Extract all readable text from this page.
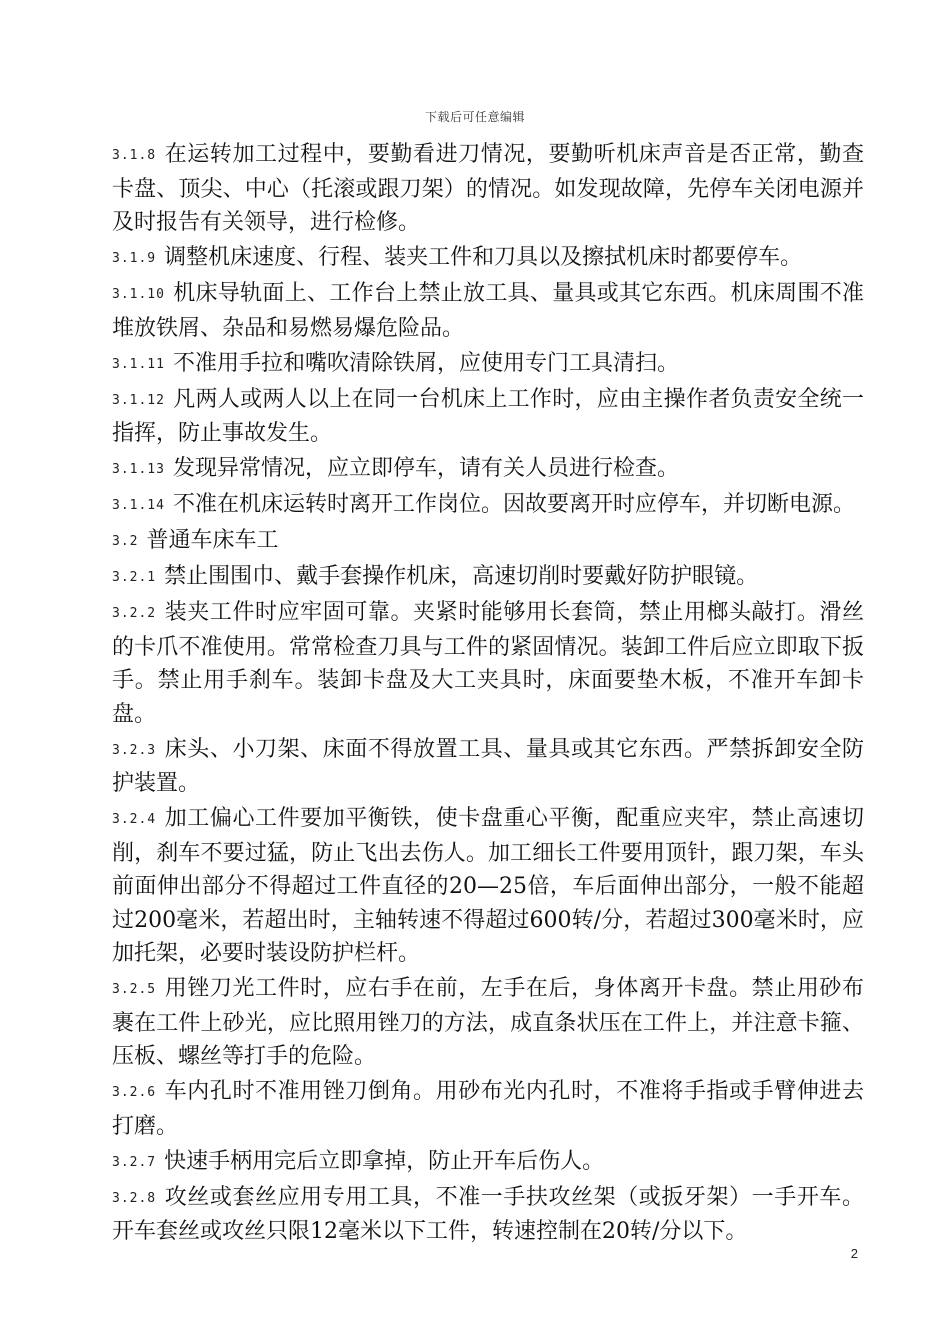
下载后可任意编辑

3.1.8 在运转加工过程中，要勤看进刀情况，要勤听机床声音是否正常，勤查卡盘、顶尖、中心（托滚或跟刀架）的情况。如发现故障，先停车关闭电源并及时报告有关领导，进行检修。

3.1.9 调整机床速度、行程、装夹工件和刀具以及擦拭机床时都要停车。

3.1.10 机床导轨面上、工作台上禁止放工具、量具或其它东西。机床周围不准堆放铁屑、杂品和易燃易爆危险品。

3.1.11 不准用手拉和嘴吹清除铁屑，应使用专门工具清扫。

3.1.12 凡两人或两人以上在同一台机床上工作时，应由主操作者负责安全统一指挥，防止事故发生。

3.1.13 发现异常情况，应立即停车，请有关人员进行检查。

3.1.14 不准在机床运转时离开工作岗位。因故要离开时应停车，并切断电源。

3.2 普通车床车工

3.2.1 禁止围围巾、戴手套操作机床，高速切削时要戴好防护眼镜。

3.2.2 装夹工件时应牢固可靠。夹紧时能够用长套筒，禁止用榔头敲打。滑丝的卡爪不准使用。常常检查刀具与工件的紧固情况。装卸工件后应立即取下扳手。禁止用手刹车。装卸卡盘及大工夹具时，床面要垫木板，不准开车卸卡盘。

3.2.3 床头、小刀架、床面不得放置工具、量具或其它东西。严禁拆卸安全防护装置。

3.2.4 加工偏心工件要加平衡铁，使卡盘重心平衡，配重应夹牢，禁止高速切削，刹车不要过猛，防止飞出去伤人。加工细长工件要用顶针，跟刀架，车头前面伸出部分不得超过工件直径的20—25倍，车后面伸出部分，一般不能超过200毫米，若超出时，主轴转速不得超过600转/分，若超过300毫米时，应加托架，必要时装设防护栏杆。

3.2.5 用锉刀光工件时，应右手在前，左手在后，身体离开卡盘。禁止用砂布裹在工件上砂光，应比照用锉刀的方法，成直条状压在工件上，并注意卡箍、压板、螺丝等打手的危险。

3.2.6 车内孔时不准用锉刀倒角。用砂布光内孔时，不准将手指或手臂伸进去打磨。

3.2.7 快速手柄用完后立即拿掉，防止开车后伤人。

3.2.8 攻丝或套丝应用专用工具，不准一手扶攻丝架（或扳牙架）一手开车。开车套丝或攻丝只限12毫米以下工件，转速控制在20转/分以下。

2
